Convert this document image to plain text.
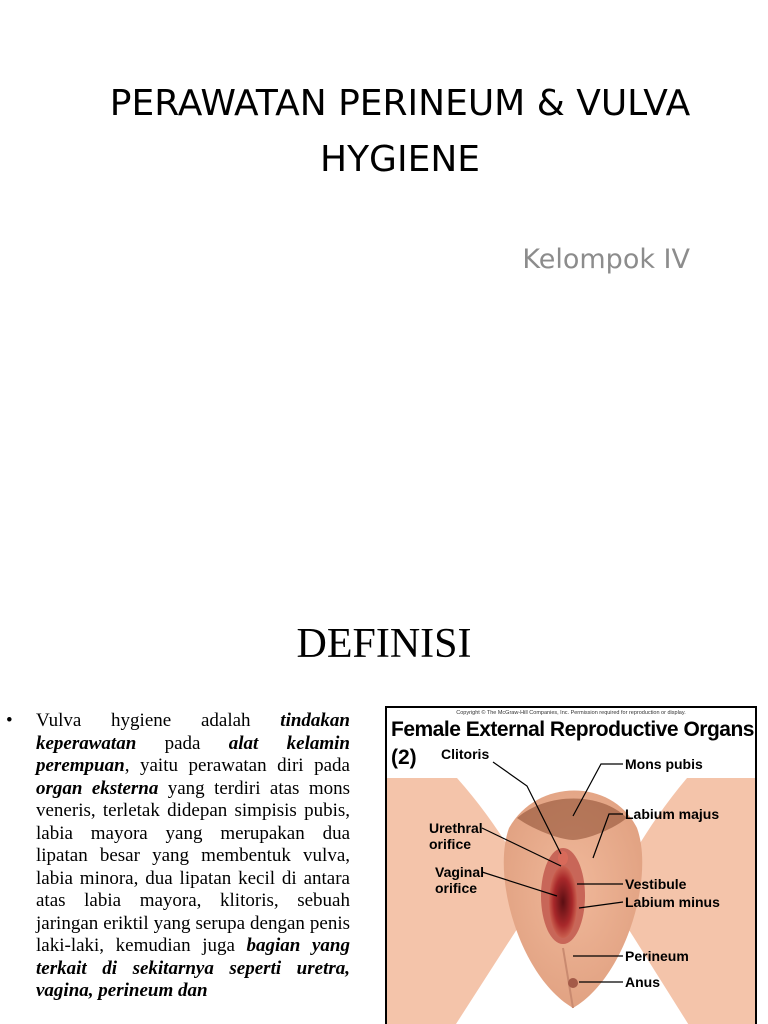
PERAWATAN PERINEUM & VULVA HYGIENE
Kelompok IV
DEFINISI
• Vulva hygiene adalah tindakan keperawatan pada alat kelamin perempuan, yaitu perawatan diri pada organ eksterna yang terdiri atas mons veneris, terletak didepan simpisis pubis, labia mayora yang merupakan dua lipatan besar yang membentuk vulva, labia minora, dua lipatan kecil di antara atas labia mayora, klitoris, sebuah jaringan eriktil yang serupa dengan penis laki-laki, kemudian juga bagian yang terkait di sekitarnya seperti uretra, vagina, perineum dan
Copyright © The McGraw-Hill Companies, Inc. Permission required for reproduction or display.
Female External Reproductive Organs
(2) Clitoris
Mons pubis
Labium majus
Urethral orifice
Vaginal orifice	Vestibule
Labium minus
Perineum
Anus
